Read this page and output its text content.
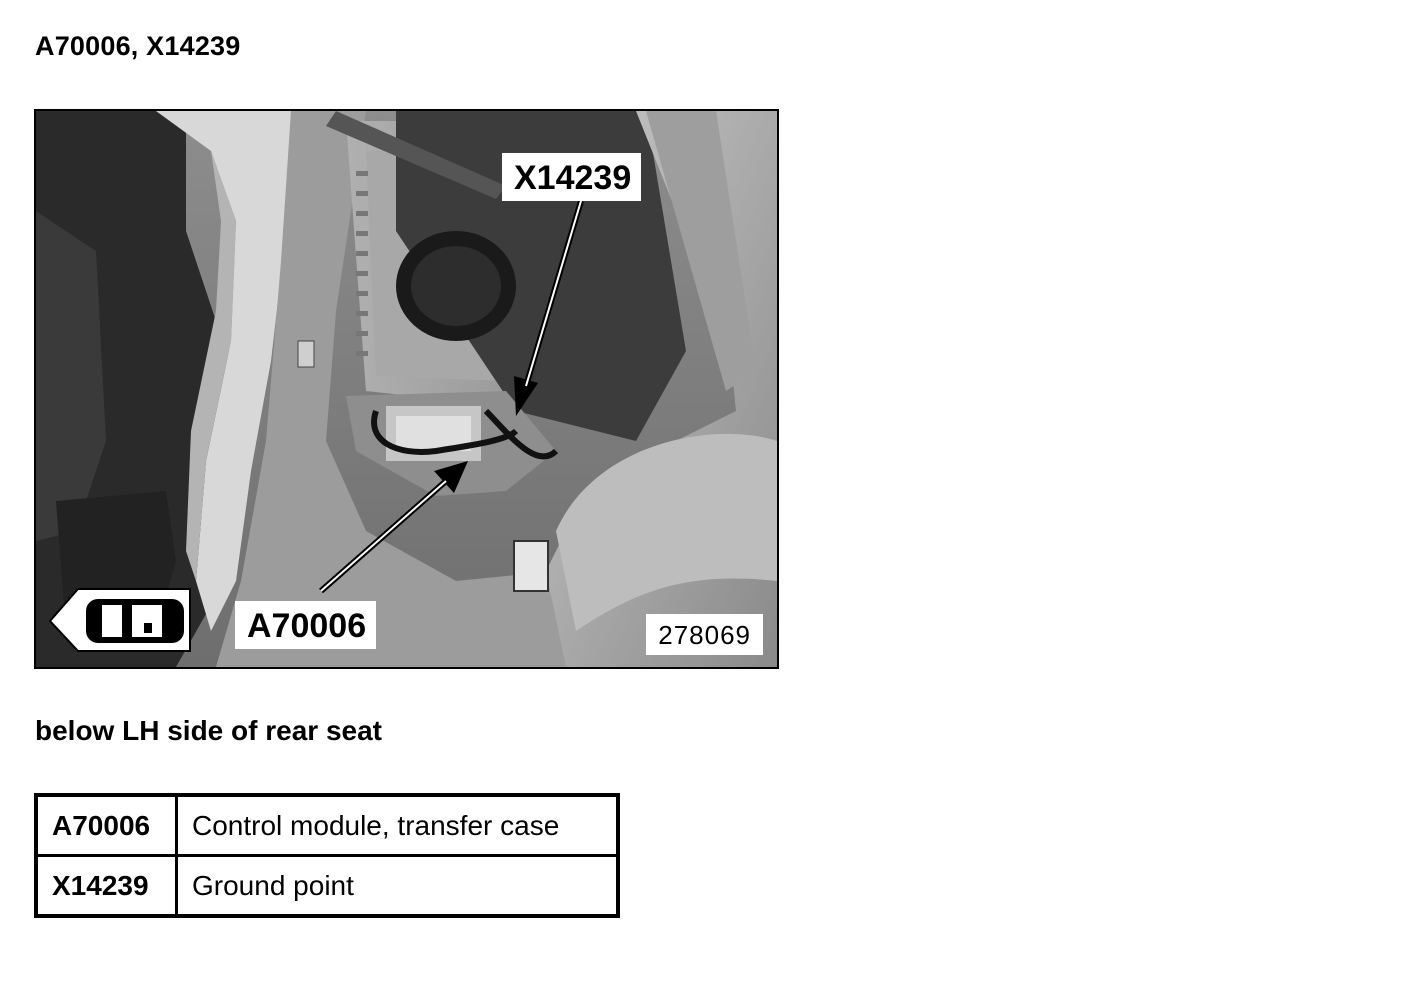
A70006, X14239
X14239
A70006	278069
below LH side of rear seat
A70006	Control module, transfer case
X14239	Ground point
